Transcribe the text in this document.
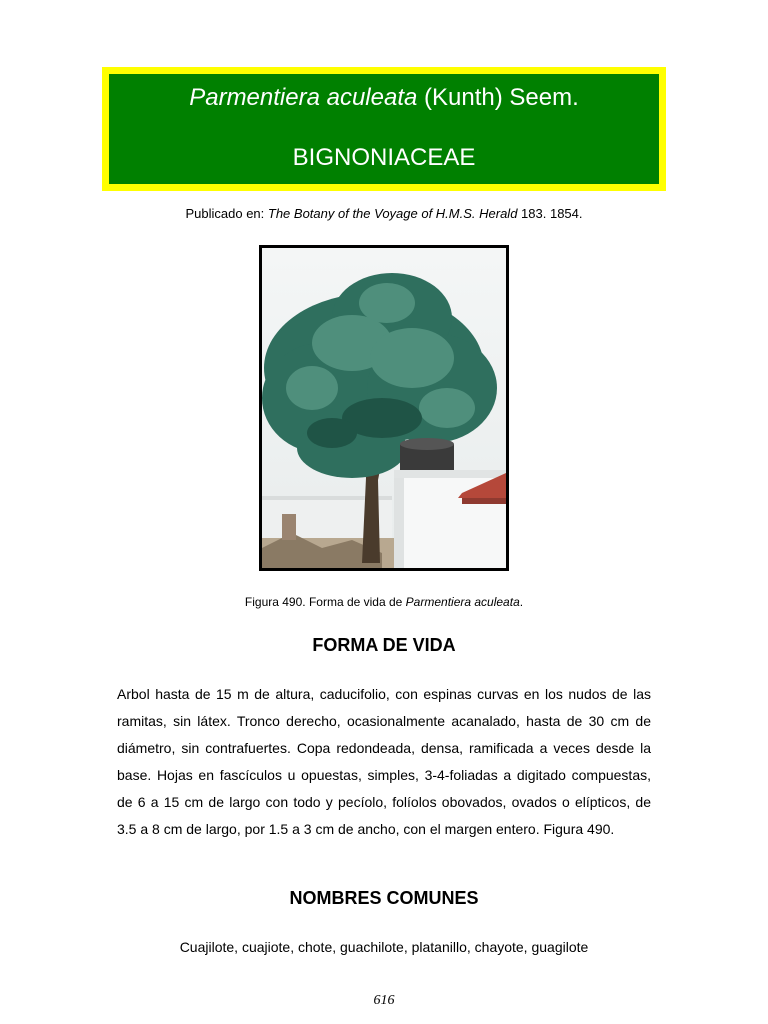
Parmentiera aculeata (Kunth) Seem.
BIGNONIACEAE
Publicado en: The Botany of the Voyage of H.M.S. Herald 183. 1854.
Figura 490. Forma de vida de Parmentiera aculeata.
FORMA DE VIDA

Arbol hasta de 15 m de altura, caducifolio, con espinas curvas en los nudos de las ramitas, sin látex. Tronco derecho, ocasionalmente acanalado, hasta de 30 cm de diámetro, sin contrafuertes. Copa redondeada, densa, ramificada a veces desde la base. Hojas en fascículos u opuestas, simples, 3-4-foliadas a digitado compuestas, de 6 a 15 cm de largo con todo y pecíolo, folíolos obovados, ovados o elípticos, de 3.5 a 8 cm de largo, por 1.5 a 3 cm de ancho, con el margen entero. Figura 490.

NOMBRES COMUNES
Cuajilote, cuajiote, chote, guachilote, platanillo, chayote, guagilote
616
